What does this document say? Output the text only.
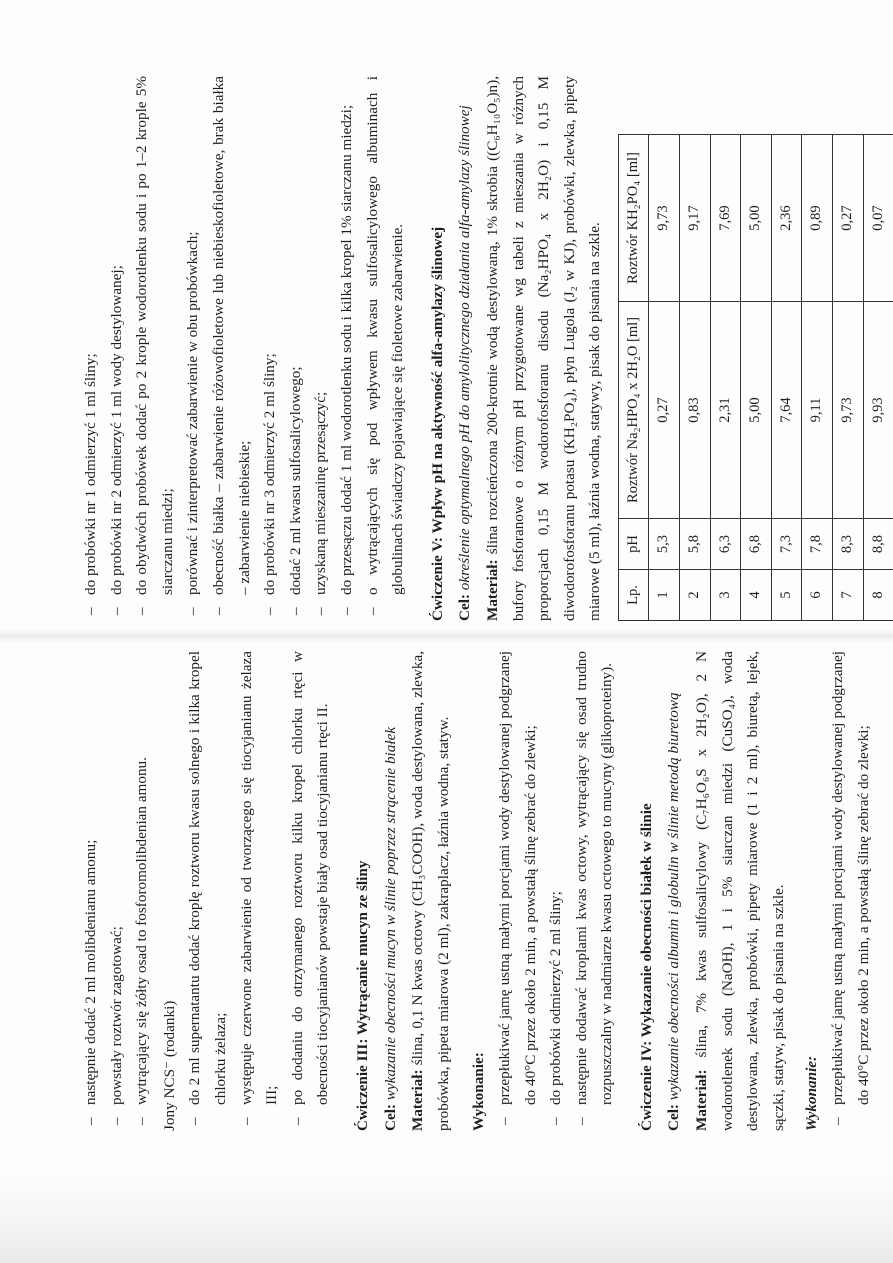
–
następnie dodać 2 ml molibdenianu amonu;
–
powstały roztwór zagotować;
–
wytrącający się żółty osad to fosforomolibdenian amonu. Jony NCS⁻ (rodanki) –
do 2 ml supernatantu dodać kroplę roztworu kwasu solnego i kilka kropel chlorku żelaza;
–
występuje czerwone zabarwienie od tworzącego się tiocyjanianu żelaza III;
–
po dodaniu do otrzymanego roztworu kilku kropel chlorku rtęci w obecności tiocyjanianów powstaje biały osad tiocyjanianu rtęci II.	Ćwiczenie III: Wytrącanie mucyn ze śliny Cel: wykazanie obecności mucyn w ślinie poprzez strącenie białek
Materiał: ślina, 0,1 N kwas octowy (CH₃COOH), woda destylowana, zlewka, probówka, pipeta miarowa (2 ml), zakraplacz, łaźnia wodna, statyw.	Wykonanie: –
przepłukiwać jamę ustną małymi porcjami wody destylowanej podgrzanej do 40°C przez około 2 min, a powstałą ślinę zebrać do zlewki;
–
do probówki odmierzyć 2 ml śliny;
–
następnie dodawać kroplami kwas octowy, wytrącający się osad trudno rozpuszczalny w nadmiarze kwasu octowego to mucyny (glikoproteiny).	Ćwiczenie IV: Wykazanie obecności białek w ślinie Cel: wykazanie obecności albumin i globulin w ślinie metodą biuretową
Materiał: ślina, 7% kwas sulfosalicylowy (C₇H₆O₆S x 2H₂O), 2 N wodorotlenek sodu (NaOH), 1 i 5% siarczan miedzi (CuSO₄), woda destylowana, zlewka, probówki, pipety miarowe (1 i 2 ml), biuretą, lejek, sączki, statyw, pisak do pisania na szkle.	Wykonanie: –
przepłukiwać jamę ustną małymi porcjami wody destylowanej podgrzanej do 40°C przez około 2 min, a powstałą ślinę zebrać do zlewki;
–
do probówki nr 1 odmierzyć 1 ml śliny;
–
do probówki nr 2 odmierzyć 1 ml wody destylowanej;
–
do obydwóch probówek dodać po 2 krople wodorotlenku sodu i po 1–2 krople 5% siarczanu miedzi;
–
porównać i zinterpretować zabarwienie w obu probówkach;
–
obecność białka – zabarwienie różowofioletowe lub niebieskofioletowe, brak białka – zabarwienie niebieskie;
–
do probówki nr 3 odmierzyć 2 ml śliny;
–
dodać 2 ml kwasu sulfosalicylowego;
–
uzyskaną mieszaninę przesączyć;
–
do przesączu dodać 1 ml wodorotlenku sodu i kilka kropel 1% siarczanu miedzi;
–
o wytrącających się pod wpływem kwasu sulfosalicylowego albuminach i globulinach świadczy pojawiające się fioletowe zabarwienie.	Ćwiczenie V: Wpływ pH na aktywność alfa-amylazy ślinowej Cel: określenie optymalnego pH do amylolitycznego działania alfa-amylazy ślinowej
Materiał: ślina rozcieńczona 200-krotnie wodą destylowaną, 1% skrobia ((C₆H₁₀O₅)n), bufory fosforanowe o różnym pH przygotowane wg tabeli z mieszania w różnych proporcjach 0,15 M wodorofosforanu disodu (Na₂HPO₄ x 2H₂O) i 0,15 M diwodorofosforanu potasu (KH₂PO₄), płyn Lugola (J₂ w KJ), probówki, zlewka, pipety miarowe (5 ml), łaźnia wodna, statywy, pisak do pisania na szkle.	Lp.	pH	Roztwór Na₂HPO₄ x 2H₂O [ml]	Roztwór KH₂PO₄ [ml]
1	5,3	0,27	9,73
2	5,8	0,83	9,17
3	6,3	2,31	7,69
4	6,8	5,00	5,00
5	7,3	7,64	2,36
6	7,8	9,11	0,89
7	8,3	9,73	0,27
8	8,8	9,93	0,07
